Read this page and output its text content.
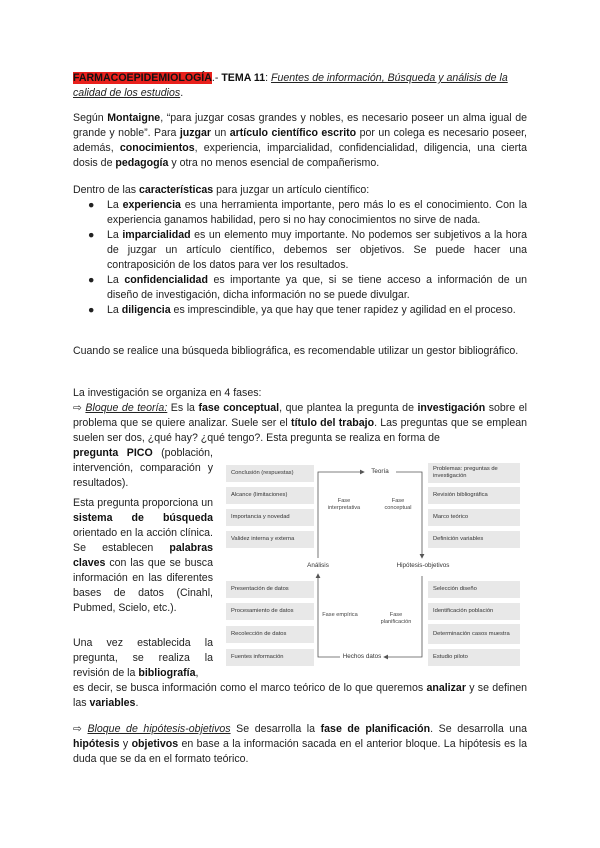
FARMACOEPIDEMIOLOGÍA.- TEMA 11: Fuentes de información, Búsqueda y análisis de la calidad de los estudios.

Según Montaigne, “para juzgar cosas grandes y nobles, es necesario poseer un alma igual de grande y noble”. Para juzgar un artículo científico escrito por un colega es necesario poseer, además, conocimientos, experiencia, imparcialidad, confidencialidad, diligencia, una cierta dosis de pedagogía y otra no menos esencial de compañerismo.

Dentro de las características para juzgar un artículo científico:

● La experiencia es una herramienta importante, pero más lo es el conocimiento. Con la experiencia ganamos habilidad, pero si no hay conocimientos no sirve de nada.
● La imparcialidad es un elemento muy importante. No podemos ser subjetivos a la hora de juzgar un artículo científico, debemos ser objetivos. Se puede hacer una contraposición de los datos para ver los resultados.
● La confidencialidad es importante ya que, si se tiene acceso a información de un diseño de investigación, dicha información no se puede divulgar.
● La diligencia es imprescindible, ya que hay que tener rapidez y agilidad en el proceso.

Cuando se realice una búsqueda bibliográfica, es recomendable utilizar un gestor bibliográfico.

La investigación se organiza en 4 fases:

⇨ Bloque de teoría: Es la fase conceptual, que plantea la pregunta de investigación sobre el problema que se quiere analizar. Suele ser el título del trabajo. Las preguntas que se emplean suelen ser dos, ¿qué hay? ¿qué tengo?. Esta pregunta se realiza en forma de

pregunta PICO (población, intervención, comparación y resultados).

Esta pregunta proporciona un sistema de búsqueda orientado en la acción clínica. Se establecen palabras claves con las que se busca información en las diferentes bases de datos (Cinahl, Pubmed, Scielo, etc.).

Una vez establecida la pregunta, se realiza la revisión de la bibliografía,

es decir, se busca información como el marco teórico de lo que queremos analizar y se definen las variables.

⇨ Bloque de hipótesis-objetivos Se desarrolla la fase de planificación. Se desarrolla una hipótesis y objetivos en base a la información sacada en el anterior bloque. La hipótesis es la duda que se da en el formato teórico.

Conclusión (respuestas)
Alcance (limitaciones)
Importancia y novedad
Validez interna y externa
Problemas: preguntas de investigación
Revisión bibliográfica
Marco teórico
Definición variables
Presentación de datos
Procesamiento de datos
Recolección de datos
Fuentes información
Selección diseño
Identificación población
Determinación casos muestra
Estudio piloto
Teoría
Análisis	Hipótesis-objetivos
Hechos datos
Fase interpretativa
Fase conceptual
Fase empírica	Fase planificación
